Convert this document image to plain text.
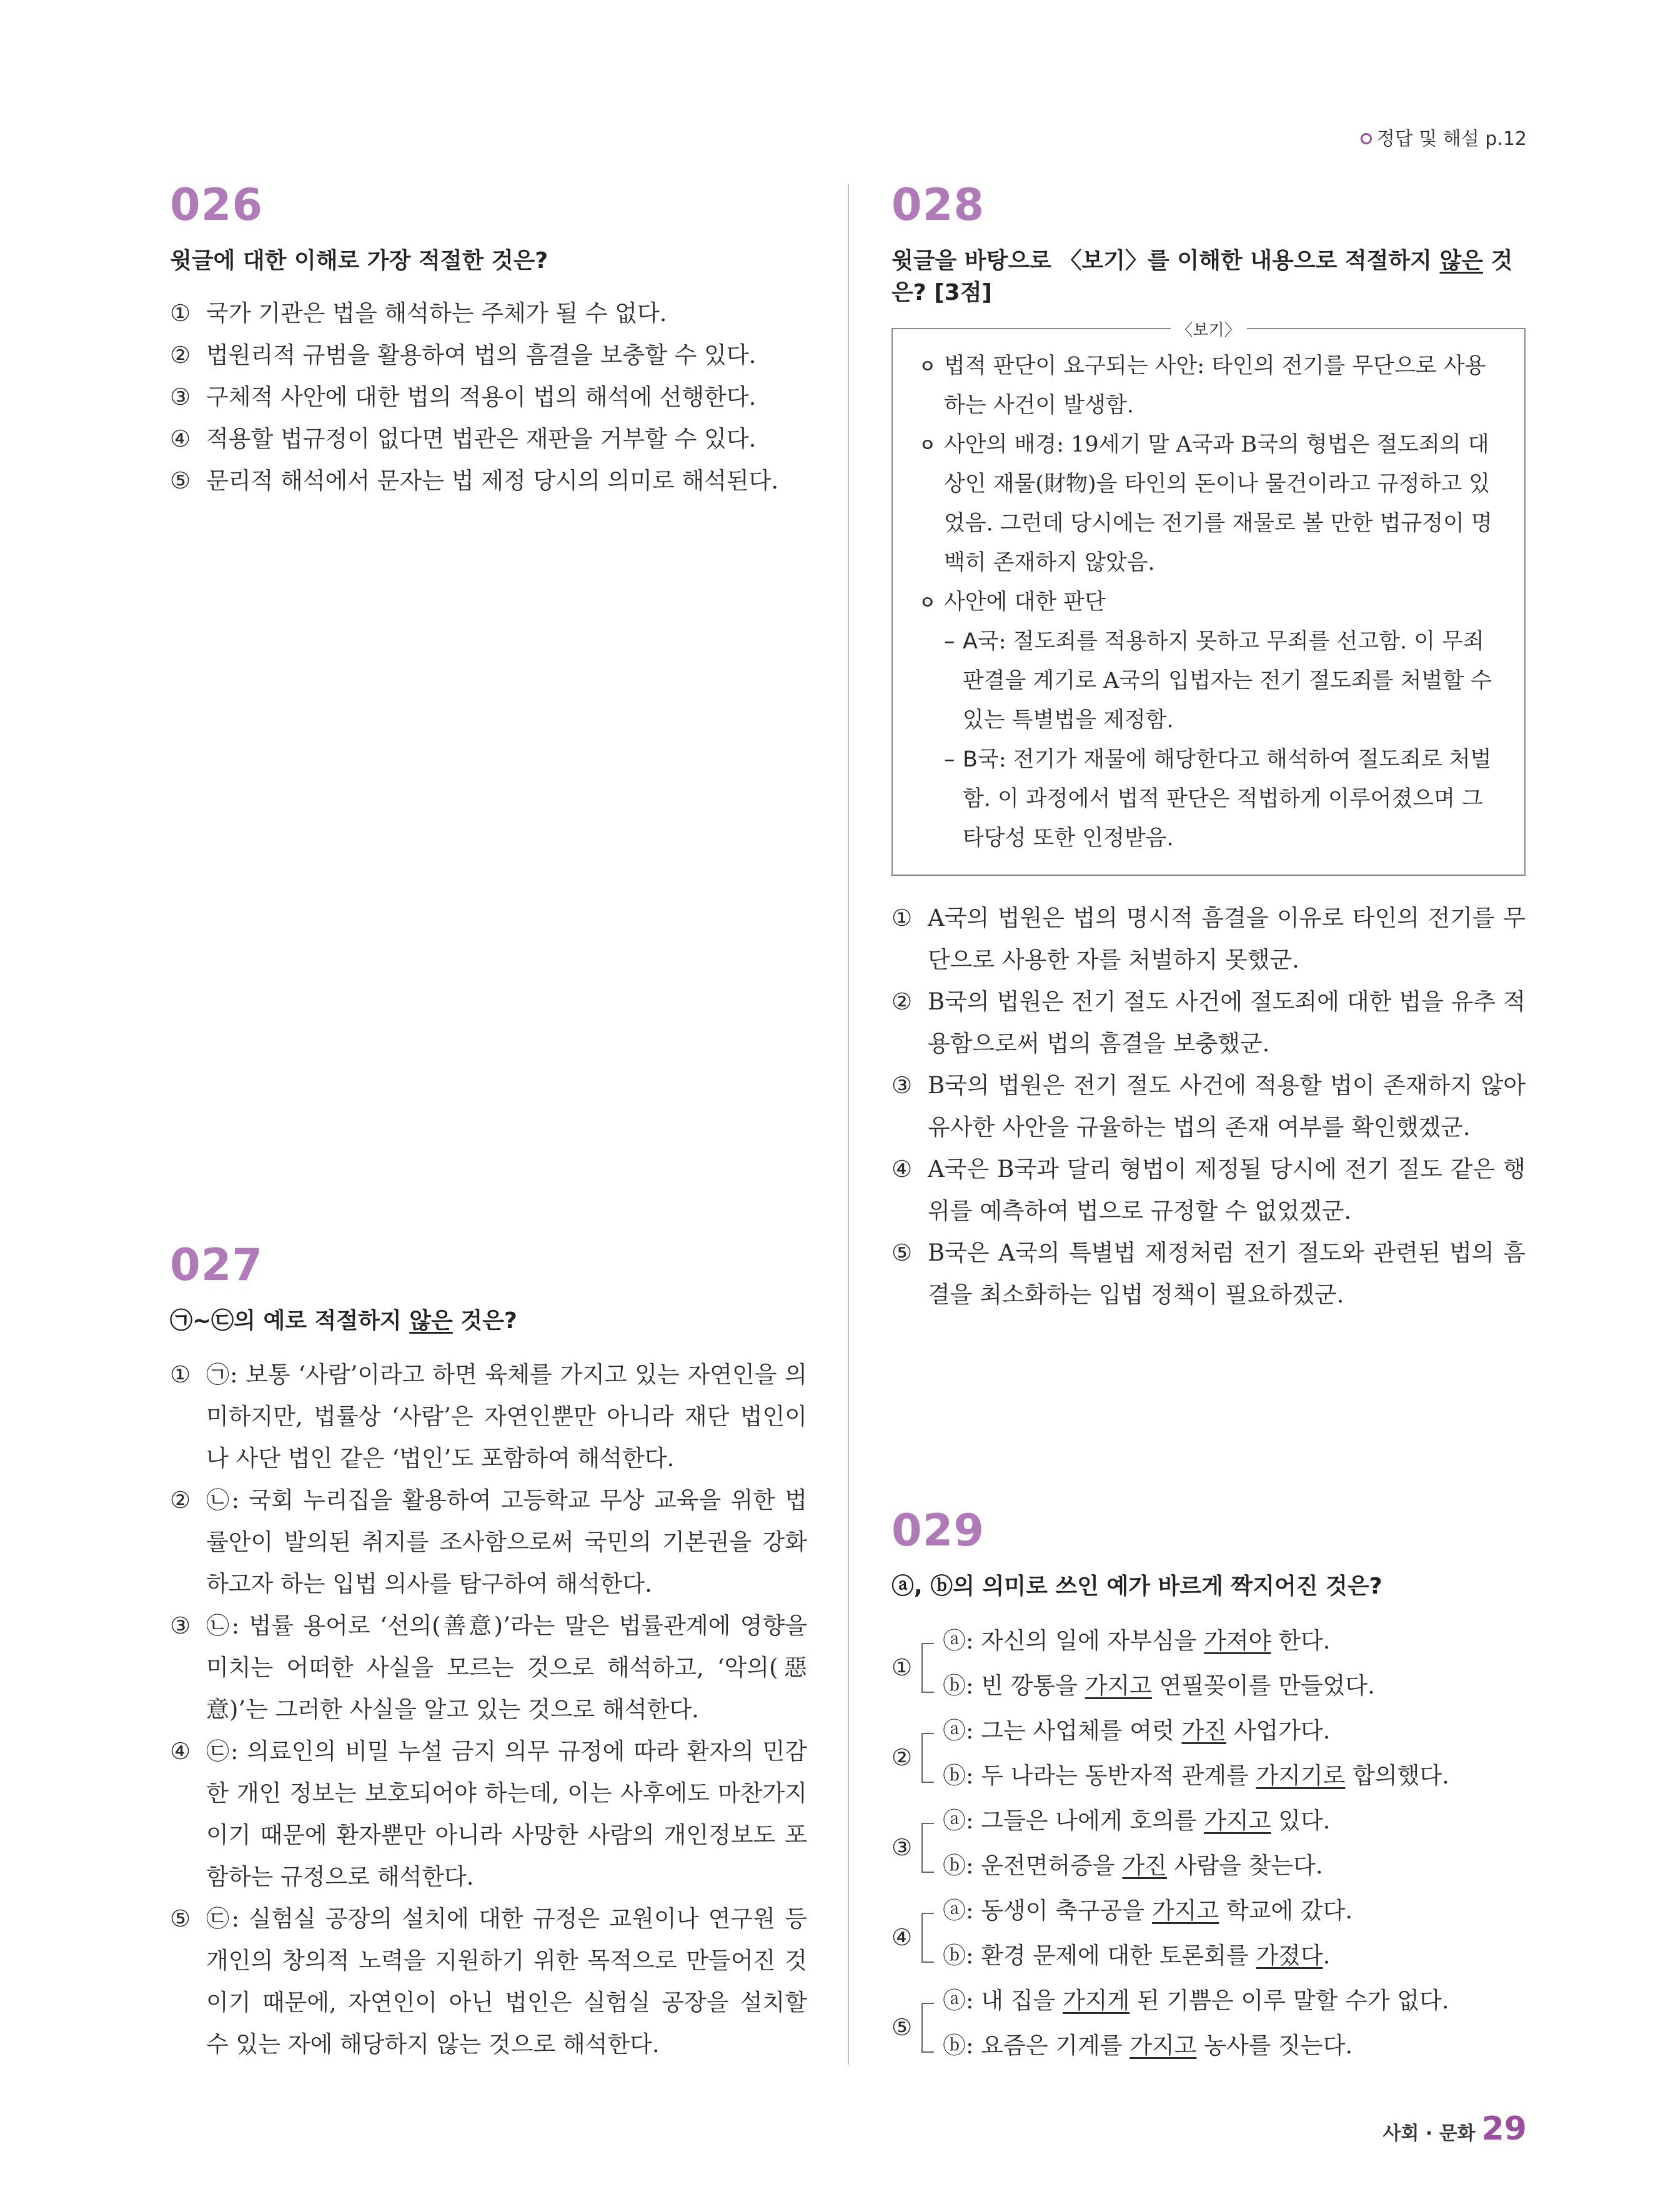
정답 및 해설 p.12
026
윗글에 대한 이해로 가장 적절한 것은?
① 국가 기관은 법을 해석하는 주체가 될 수 없다.
② 법원리적 규범을 활용하여 법의 흠결을 보충할 수 있다.
③ 구체적 사안에 대한 법의 적용이 법의 해석에 선행한다.
④ 적용할 법규정이 없다면 법관은 재판을 거부할 수 있다.
⑤ 문리적 해석에서 문자는 법 제정 당시의 의미로 해석된다.
027
㉠~㉢의 예로 적절하지 않은 것은?
① ㉠: 보통 ‘사람’이라고 하면 육체를 가지고 있는 자연인을 의미하지만, 법률상 ‘사람’은 자연인뿐만 아니라 재단 법인이나 사단 법인 같은 ‘법인’도 포함하여 해석한다.
② ㉡: 국회 누리집을 활용하여 고등학교 무상 교육을 위한 법률안이 발의된 취지를 조사함으로써 국민의 기본권을 강화하고자 하는 입법 의사를 탐구하여 해석한다.
③ ㉡: 법률 용어로 ‘선의(善意)’라는 말은 법률관계에 영향을 미치는 어떠한 사실을 모르는 것으로 해석하고, ‘악의(惡意)’는 그러한 사실을 알고 있는 것으로 해석한다.
④ ㉢: 의료인의 비밀 누설 금지 의무 규정에 따라 환자의 민감한 개인 정보는 보호되어야 하는데, 이는 사후에도 마찬가지이기 때문에 환자뿐만 아니라 사망한 사람의 개인정보도 포함하는 규정으로 해석한다.
⑤ ㉢: 실험실 공장의 설치에 대한 규정은 교원이나 연구원 등 개인의 창의적 노력을 지원하기 위한 목적으로 만들어진 것이기 때문에, 자연인이 아닌 법인은 실험실 공장을 설치할 수 있는 자에 해당하지 않는 것으로 해석한다.
028
윗글을 바탕으로 〈보기〉를 이해한 내용으로 적절하지 않은 것은? [3점]
〈보기〉
ㅇ 법적 판단이 요구되는 사안: 타인의 전기를 무단으로 사용하는 사건이 발생함.
ㅇ 사안의 배경: 19세기 말 A국과 B국의 형법은 절도죄의 대상인 재물(財物)을 타인의 돈이나 물건이라고 규정하고 있었음. 그런데 당시에는 전기를 재물로 볼 만한 법규정이 명백히 존재하지 않았음.
ㅇ 사안에 대한 판단
– A국: 절도죄를 적용하지 못하고 무죄를 선고함. 이 무죄 판결을 계기로 A국의 입법자는 전기 절도죄를 처벌할 수 있는 특별법을 제정함.
– B국: 전기가 재물에 해당한다고 해석하여 절도죄로 처벌함. 이 과정에서 법적 판단은 적법하게 이루어졌으며 그 타당성 또한 인정받음.
① A국의 법원은 법의 명시적 흠결을 이유로 타인의 전기를 무단으로 사용한 자를 처벌하지 못했군.
② B국의 법원은 전기 절도 사건에 절도죄에 대한 법을 유추 적용함으로써 법의 흠결을 보충했군.
③ B국의 법원은 전기 절도 사건에 적용할 법이 존재하지 않아 유사한 사안을 규율하는 법의 존재 여부를 확인했겠군.
④ A국은 B국과 달리 형법이 제정될 당시에 전기 절도 같은 행위를 예측하여 법으로 규정할 수 없었겠군.
⑤ B국은 A국의 특별법 제정처럼 전기 절도와 관련된 법의 흠결을 최소화하는 입법 정책이 필요하겠군.
029
ⓐ, ⓑ의 의미로 쓰인 예가 바르게 짝지어진 것은?
①
ⓐ: 자신의 일에 자부심을 가져야 한다.
ⓑ: 빈 깡통을 가지고 연필꽂이를 만들었다.
②
ⓐ: 그는 사업체를 여럿 가진 사업가다.
ⓑ: 두 나라는 동반자적 관계를 가지기로 합의했다.
③
ⓐ: 그들은 나에게 호의를 가지고 있다.
ⓑ: 운전면허증을 가진 사람을 찾는다.
④
ⓐ: 동생이 축구공을 가지고 학교에 갔다.
ⓑ: 환경 문제에 대한 토론회를 가졌다.
⑤
ⓐ: 내 집을 가지게 된 기쁨은 이루 말할 수가 없다.
ⓑ: 요즘은 기계를 가지고 농사를 짓는다.
사회 · 문화 29
